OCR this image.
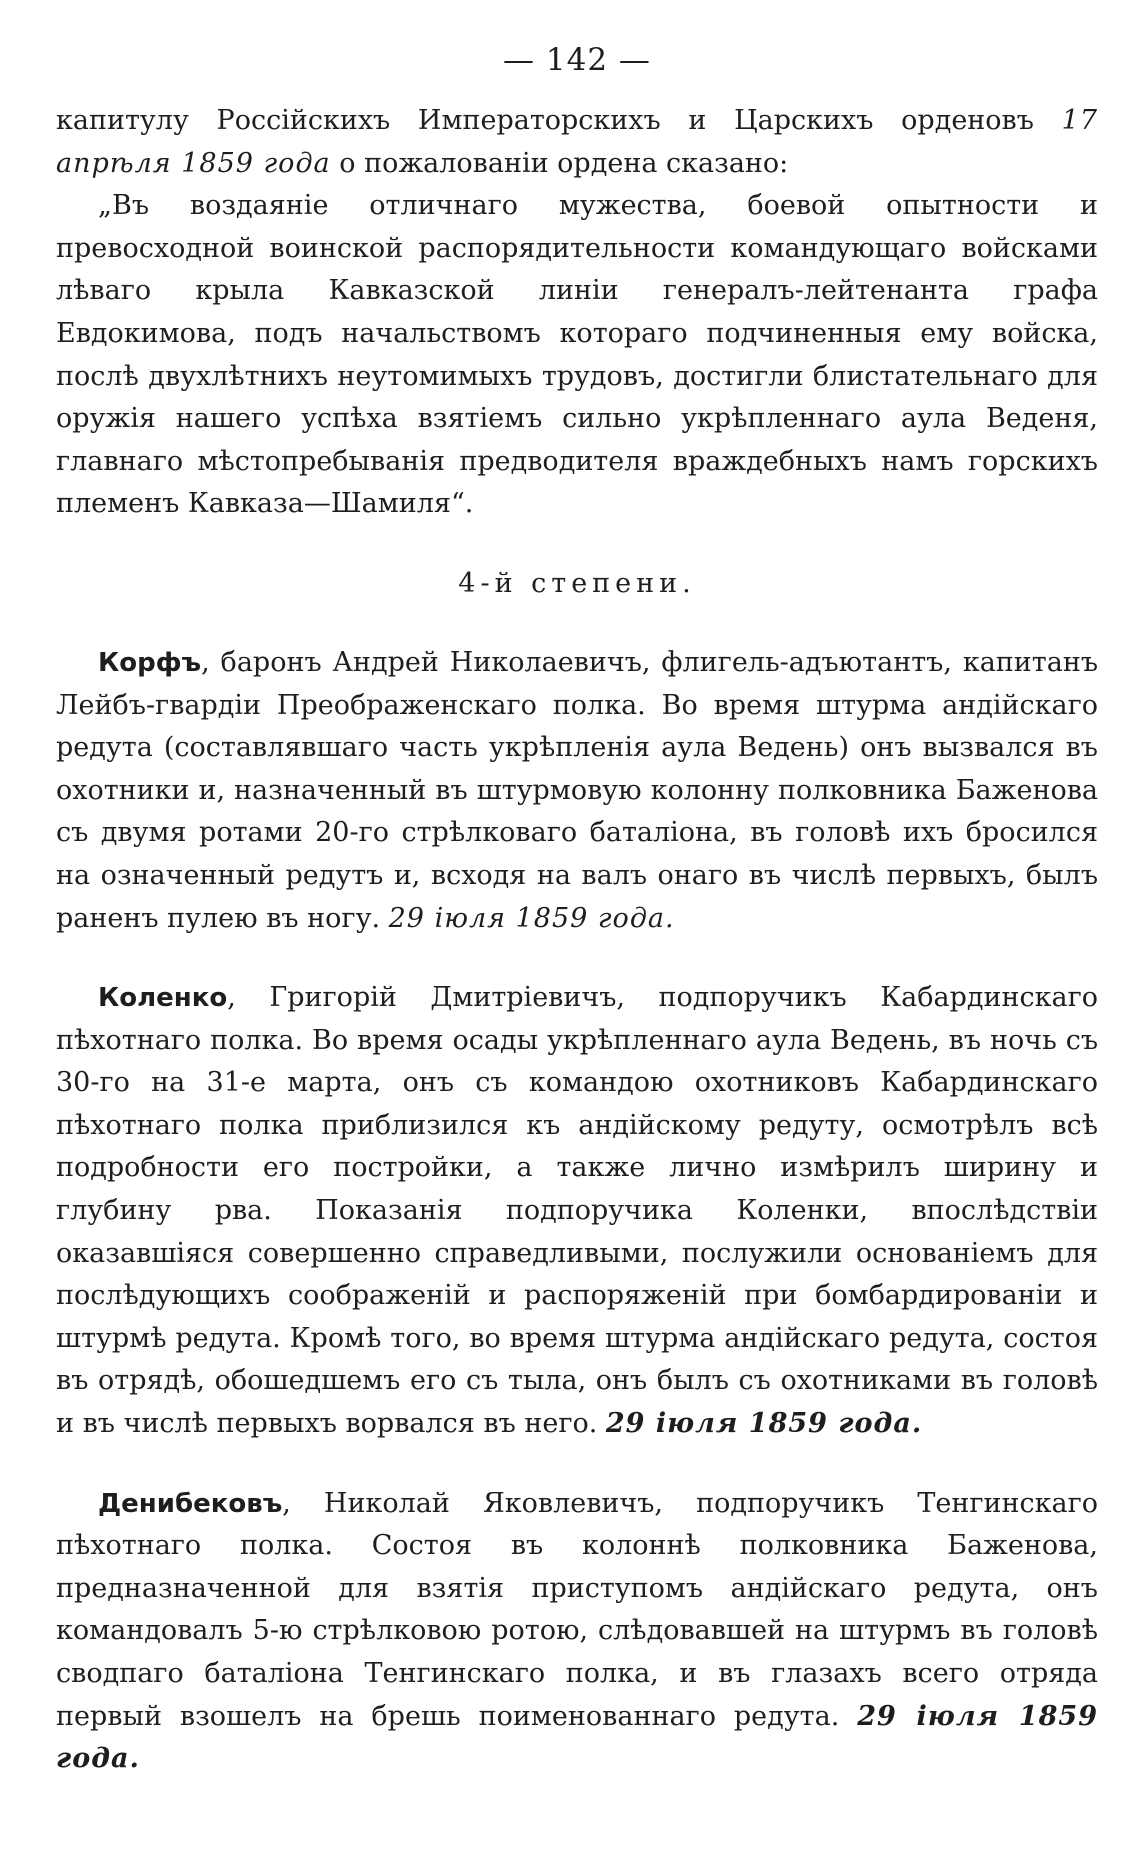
— 142 —

капитулу Россійскихъ Императорскихъ и Царскихъ орденовъ 17 апрѣля 1859 года о пожалованіи ордена сказано:

„Въ воздаяніе отличнаго мужества, боевой опытности и превосходной воинской распорядительности командующаго войсками лѣваго крыла Кавказской линіи генералъ-лейтенанта графа Евдокимова, подъ начальствомъ котораго подчиненныя ему войска, послѣ двухлѣтнихъ неутомимыхъ трудовъ, достигли блистательнаго для оружія нашего успѣха взятіемъ сильно укрѣпленнаго аула Веденя, главнаго мѣстопребыванія предводителя враждебныхъ намъ горскихъ племенъ Кавказа—Шамиля“.

4-й степени.

Корфъ, баронъ Андрей Николаевичъ, флигель-адъютантъ, капитанъ Лейбъ-гвардіи Преображенскаго полка. Во время штурма андійскаго редута (составлявшаго часть укрѣпленія аула Ведень) онъ вызвался въ охотники и, назначенный въ штурмовую колонну полковника Баженова съ двумя ротами 20-го стрѣлковаго баталіона, въ головѣ ихъ бросился на означенный редутъ и, всходя на валъ онаго въ числѣ первыхъ, былъ раненъ пулею въ ногу. 29 іюля 1859 года.

Коленко, Григорій Дмитріевичъ, подпоручикъ Кабардинскаго пѣхотнаго полка. Во время осады укрѣпленнаго аула Ведень, въ ночь съ 30-го на 31-е марта, онъ съ командою охотниковъ Кабардинскаго пѣхотнаго полка приблизился къ андійскому редуту, осмотрѣлъ всѣ подробности его постройки, а также лично измѣрилъ ширину и глубину рва. Показанія подпоручика Коленки, впослѣдствіи оказавшіяся совершенно справедливыми, послужили основаніемъ для послѣдующихъ соображеній и распоряженій при бомбардированіи и штурмѣ редута. Кромѣ того, во время штурма андійскаго редута, состоя въ отрядѣ, обошедшемъ его съ тыла, онъ былъ съ охотниками въ головѣ и въ числѣ первыхъ ворвался въ него. 29 іюля 1859 года.

Денибековъ, Николай Яковлевичъ, подпоручикъ Тенгинскаго пѣхотнаго полка. Состоя въ колоннѣ полковника Баженова, предназначенной для взятія приступомъ андійскаго редута, онъ командовалъ 5-ю стрѣлковою ротою, слѣдовавшей на штурмъ въ головѣ сводпаго баталіона Тенгинскаго полка, и въ глазахъ всего отряда первый взошелъ на брешь поименованнаго редута. 29 іюля 1859 года.
